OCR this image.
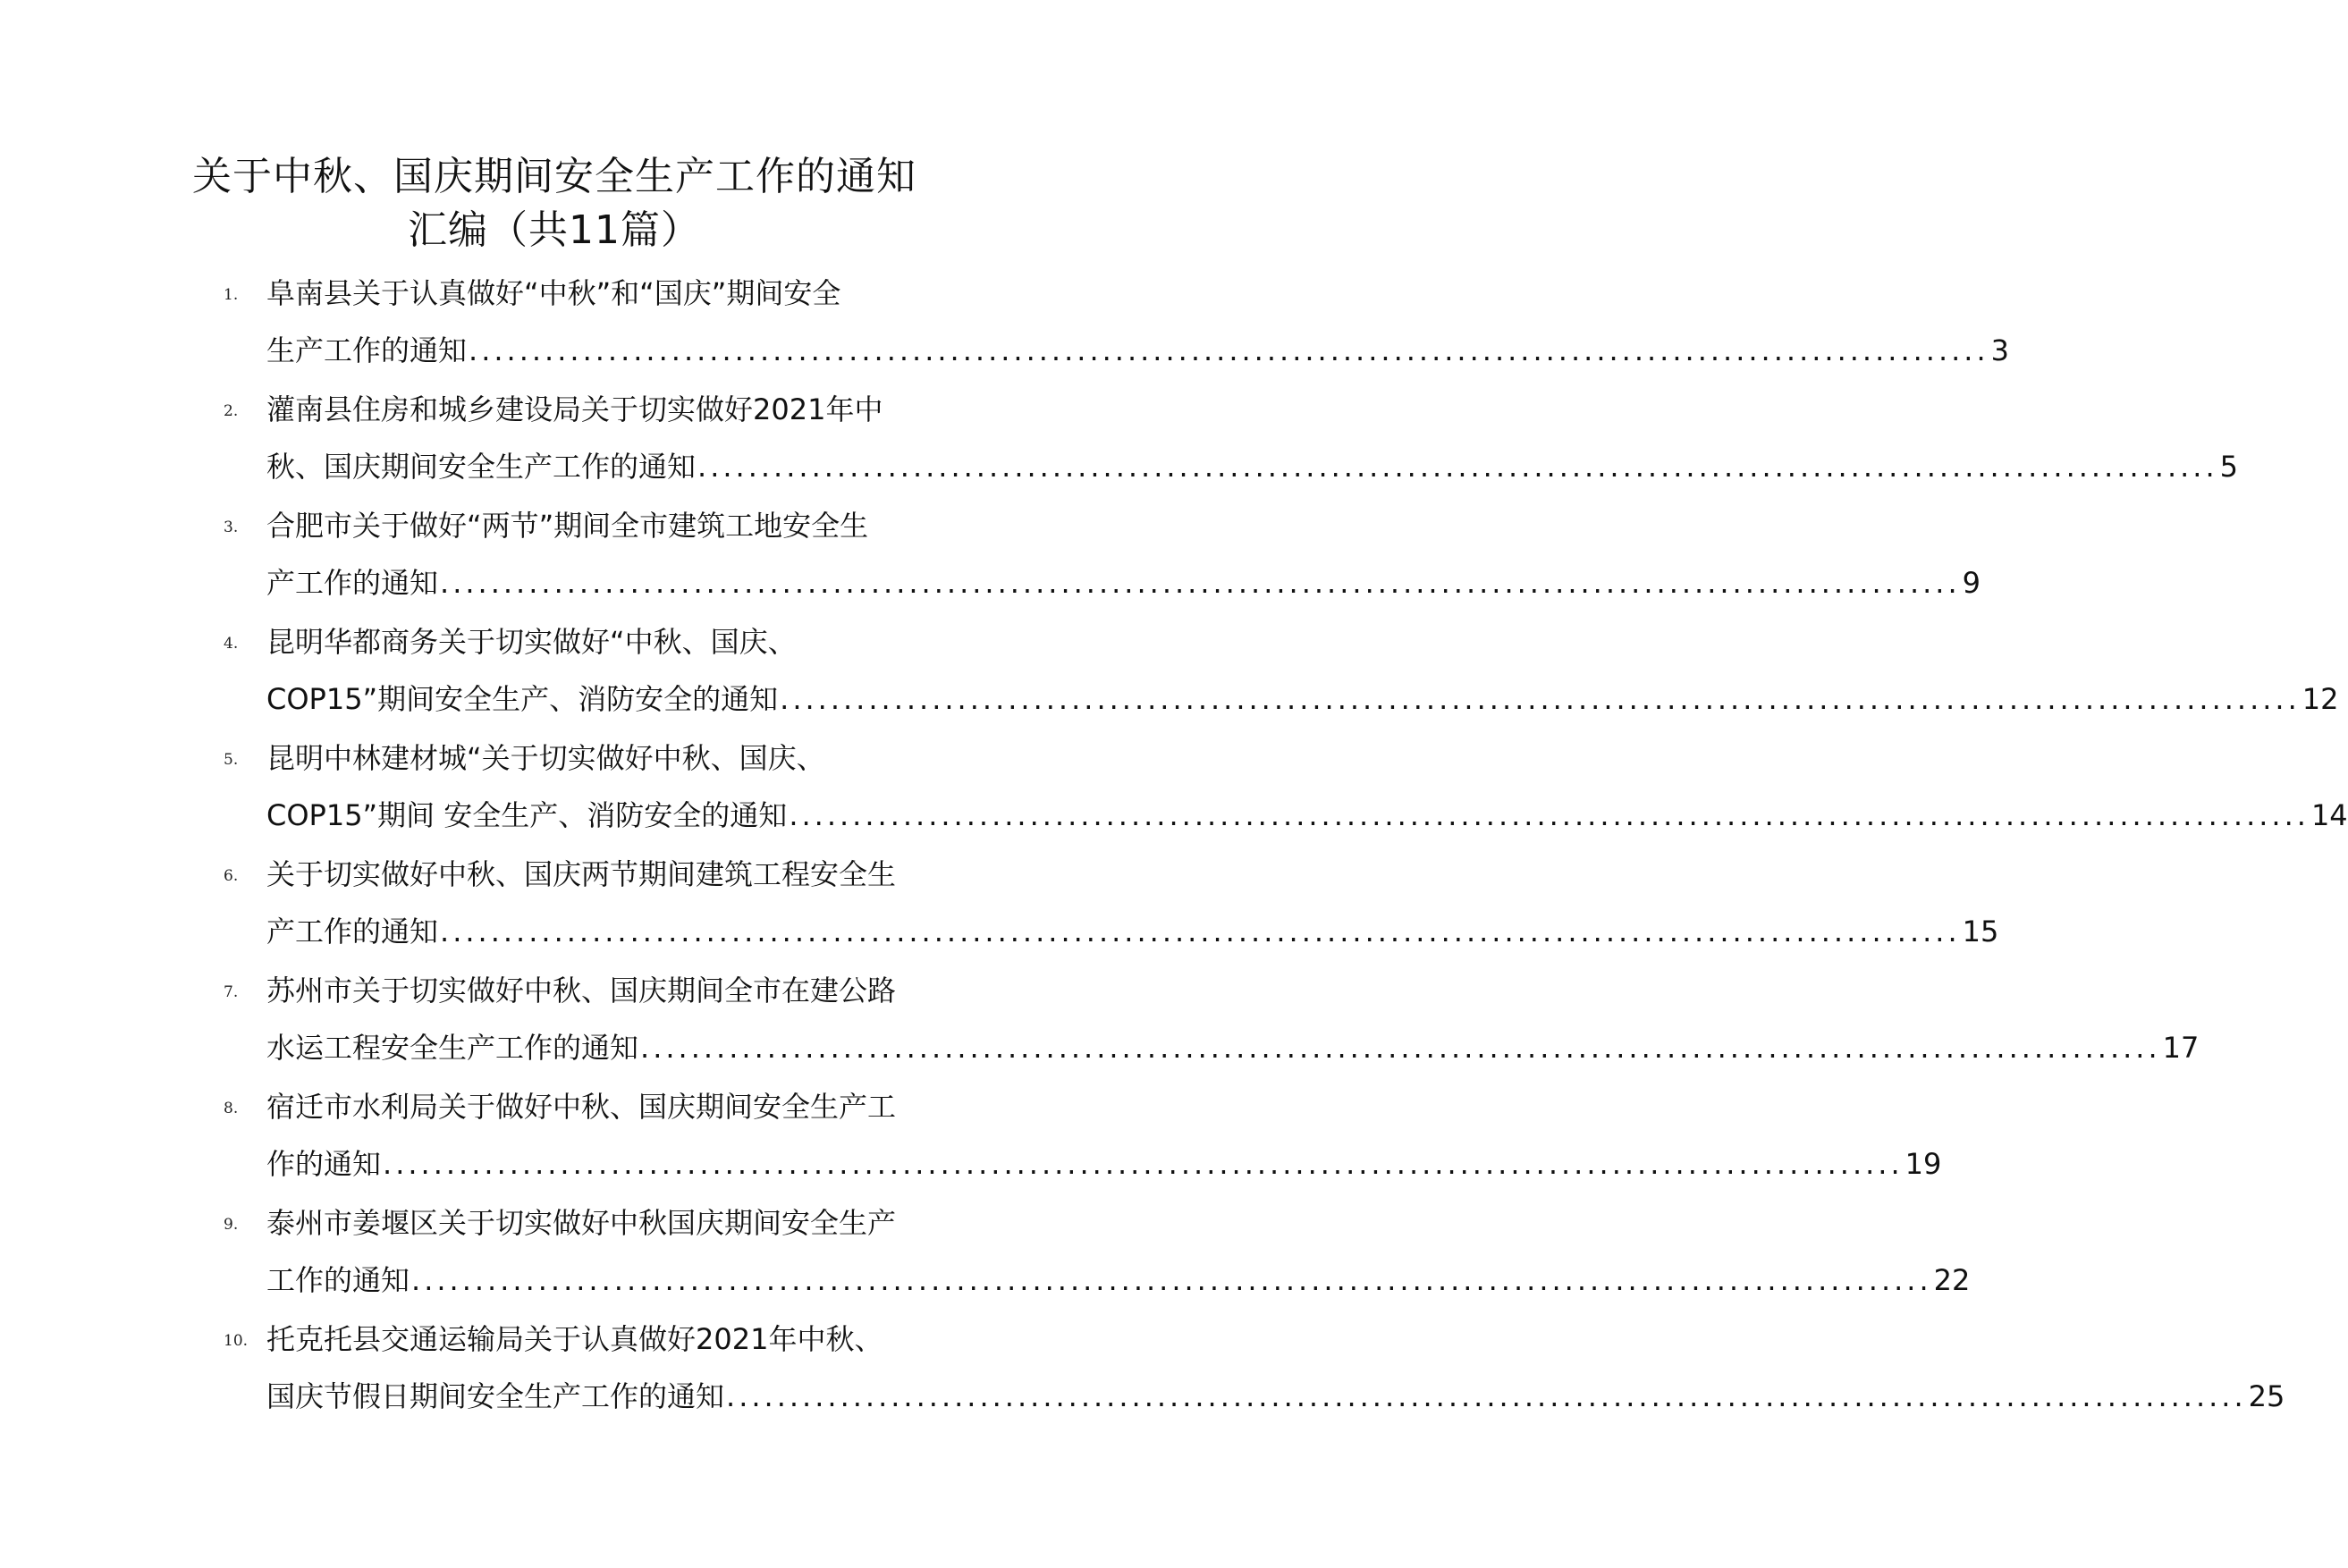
关于中秋、国庆期间安全生产工作的通知
汇编（共11篇）
1. 阜南县关于认真做好“中秋”和“国庆”期间安全
生产工作的通知 ........................................................................................................................ 3
2. 灌南县住房和城乡建设局关于切实做好2021年中
秋、国庆期间安全生产工作的通知 ........................................................................................................................ 5
3. 合肥市关于做好“两节”期间全市建筑工地安全生
产工作的通知 ........................................................................................................................ 9
4. 昆明华都商务关于切实做好“中秋、国庆、
COP15”期间安全生产、消防安全的通知 ........................................................................................................................ 12
5. 昆明中林建材城“关于切实做好中秋、国庆、
COP15”期间 安全生产、消防安全的通知 ........................................................................................................................ 14
6. 关于切实做好中秋、国庆两节期间建筑工程安全生
产工作的通知 ........................................................................................................................ 15
7. 苏州市关于切实做好中秋、国庆期间全市在建公路
水运工程安全生产工作的通知 ........................................................................................................................ 17
8. 宿迁市水利局关于做好中秋、国庆期间安全生产工
作的通知 ........................................................................................................................ 19
9. 泰州市姜堰区关于切实做好中秋国庆期间安全生产
工作的通知 ........................................................................................................................ 22
10. 托克托县交通运输局关于认真做好2021年中秋、
国庆节假日期间安全生产工作的通知 ........................................................................................................................ 25
